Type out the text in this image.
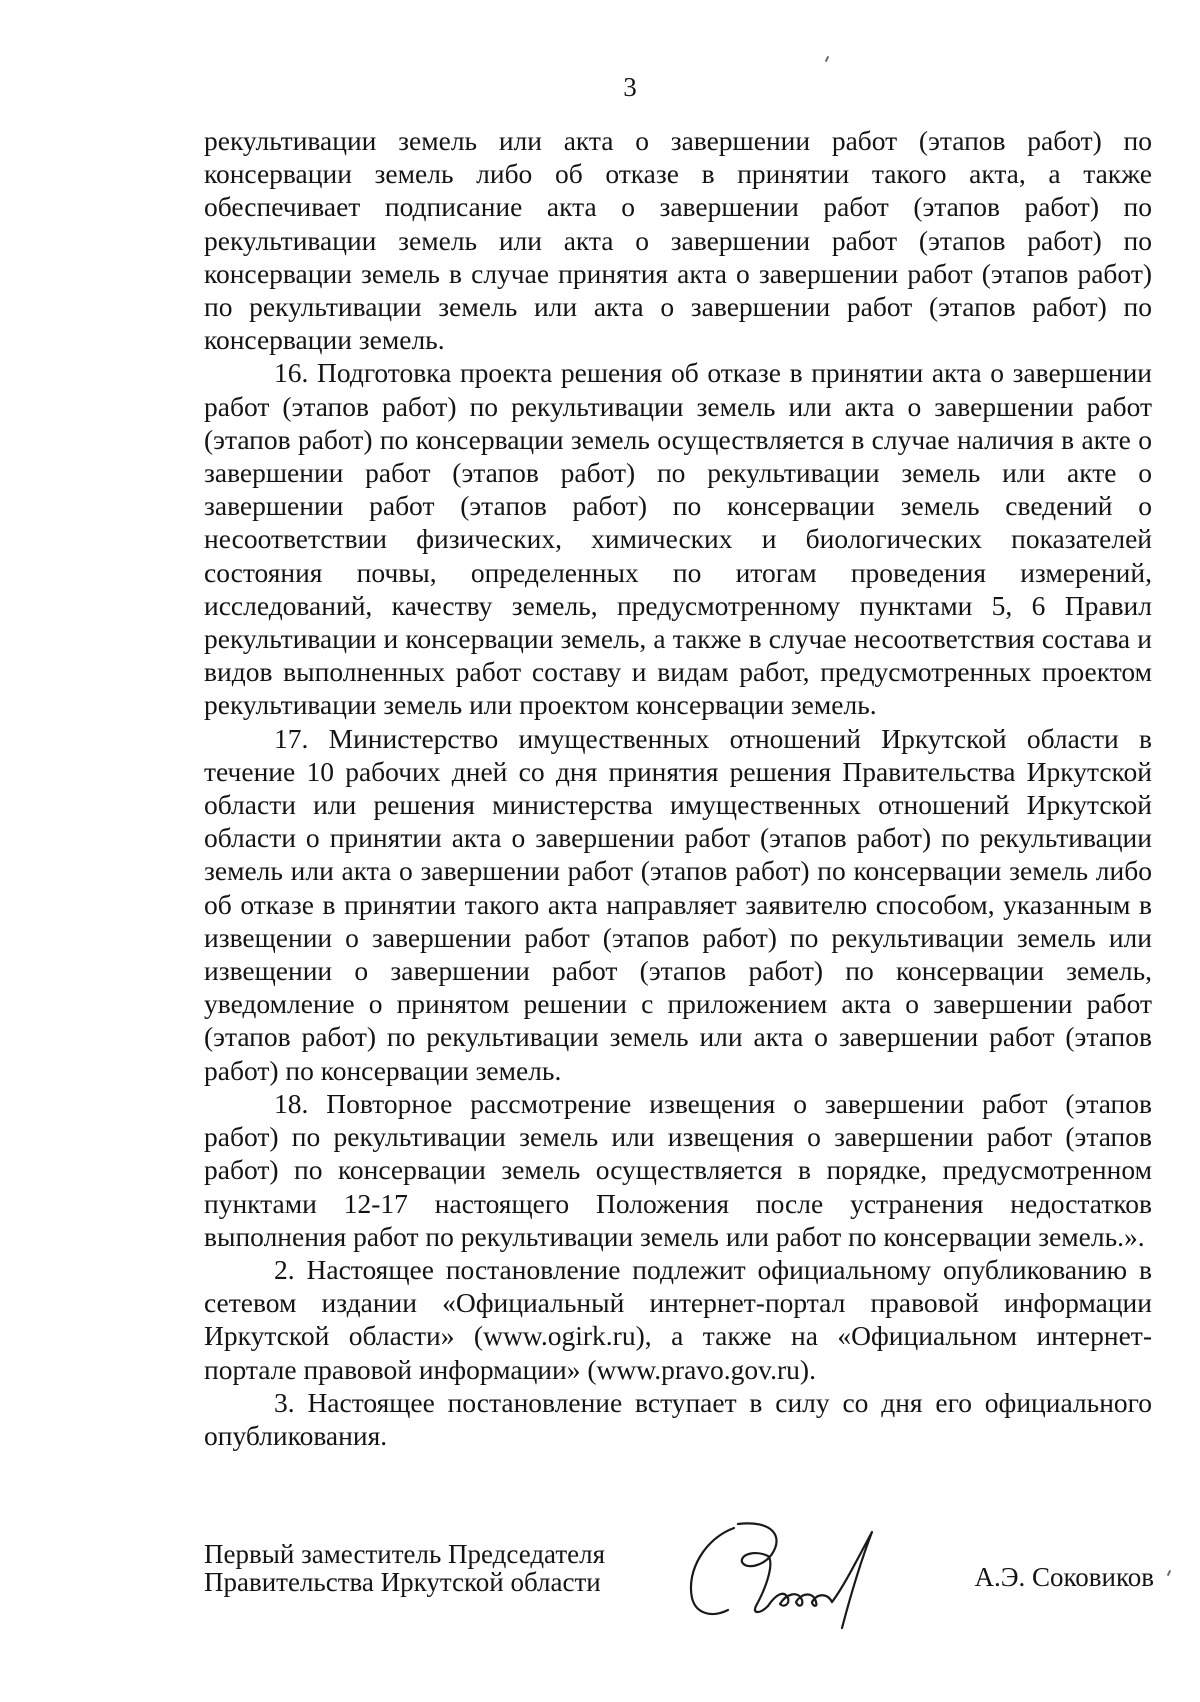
3

рекультивации земель или акта о завершении работ (этапов работ) по консервации земель либо об отказе в принятии такого акта, а также обеспечивает подписание акта о завершении работ (этапов работ) по рекультивации земель или акта о завершении работ (этапов работ) по консервации земель в случае принятия акта о завершении работ (этапов работ) по рекультивации земель или акта о завершении работ (этапов работ) по консервации земель.

16. Подготовка проекта решения об отказе в принятии акта о завершении работ (этапов работ) по рекультивации земель или акта о завершении работ (этапов работ) по консервации земель осуществляется в случае наличия в акте о завершении работ (этапов работ) по рекультивации земель или акте о завершении работ (этапов работ) по консервации земель сведений о несоответствии физических, химических и биологических показателей состояния почвы, определенных по итогам проведения измерений, исследований, качеству земель, предусмотренному пунктами 5, 6 Правил рекультивации и консервации земель, а также в случае несоответствия состава и видов выполненных работ составу и видам работ, предусмотренных проектом рекультивации земель или проектом консервации земель.

17. Министерство имущественных отношений Иркутской области в течение 10 рабочих дней со дня принятия решения Правительства Иркутской области или решения министерства имущественных отношений Иркутской области о принятии акта о завершении работ (этапов работ) по рекультивации земель или акта о завершении работ (этапов работ) по консервации земель либо об отказе в принятии такого акта направляет заявителю способом, указанным в извещении о завершении работ (этапов работ) по рекультивации земель или извещении о завершении работ (этапов работ) по консервации земель, уведомление о принятом решении с приложением акта о завершении работ (этапов работ) по рекультивации земель или акта о завершении работ (этапов работ) по консервации земель.

18. Повторное рассмотрение извещения о завершении работ (этапов работ) по рекультивации земель или извещения о завершении работ (этапов работ) по консервации земель осуществляется в порядке, предусмотренном пунктами 12-17 настоящего Положения после устранения недостатков выполнения работ по рекультивации земель или работ по консервации земель.».

2. Настоящее постановление подлежит официальному опубликованию в сетевом издании «Официальный интернет-портал правовой информации Иркутской области» (www.ogirk.ru), а также на «Официальном интернет-портале правовой информации» (www.pravo.gov.ru).

3. Настоящее постановление вступает в силу со дня его официального опубликования.

Первый заместитель Председателя
Правительства Иркутской области	А.Э. Соковиков
